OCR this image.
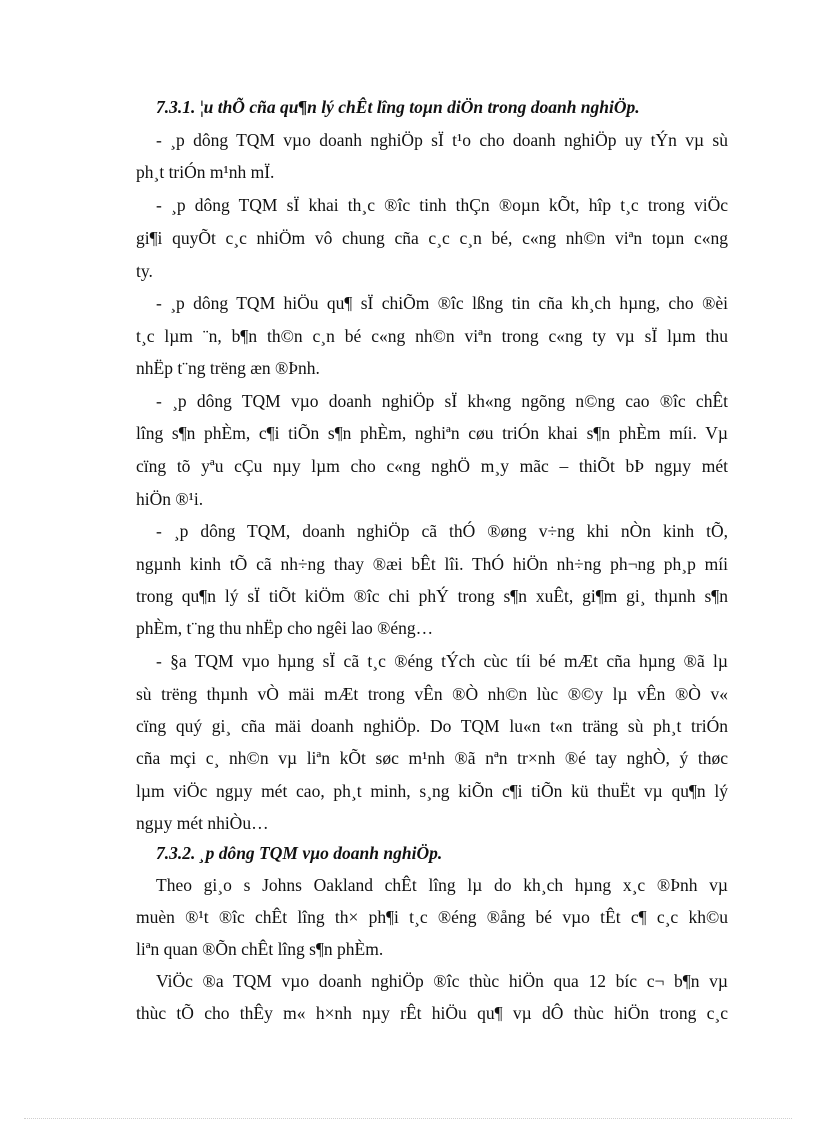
7.3.1. ¦u thÕ cña qu¶n lý chÊt lîng toµn diÖn trong doanh nghiÖp.
- ¸p dông TQM vµo doanh nghiÖp sÏ t¹o cho doanh nghiÖp uy tÝn vµ sù
ph¸t triÓn m¹nh mÏ.
- ¸p dông TQM sÏ khai th¸c ®îc tinh thÇn ®oµn kÕt, hîp t¸c trong viÖc
gi¶i quyÕt c¸c nhiÖm vô chung cña c¸c c¸n bé, c«ng nh©n viªn toµn c«ng
ty.
- ¸p dông TQM hiÖu qu¶ sÏ chiÕm ®îc lßng tin cña kh¸ch hµng, cho ®èi
t¸c lµm ¨n, b¶n th©n c¸n bé c«ng nh©n viªn trong c«ng ty vµ sÏ lµm thu
nhËp t¨ng trëng æn ®Þnh.
- ¸p dông TQM vµo doanh nghiÖp sÏ kh«ng ngõng n©ng cao ®îc chÊt
lîng s¶n phÈm, c¶i tiÕn s¶n phÈm, nghiªn cøu triÓn khai s¶n phÈm míi. Vµ
cïng tõ yªu cÇu nµy lµm cho c«ng nghÖ m¸y mãc – thiÕt bÞ ngµy mét
hiÖn ®¹i.
- ¸p dông TQM, doanh nghiÖp cã thÓ ®øng v÷ng khi nÒn kinh tÕ,
ngµnh kinh tÕ cã nh÷ng thay ®æi bÊt lîi. ThÓ hiÖn nh÷ng ph¬ng ph¸p míi
trong qu¶n lý sÏ tiÕt kiÖm ®îc chi phÝ trong s¶n xuÊt, gi¶m gi¸ thµnh s¶n
phÈm, t¨ng thu nhËp cho ngêi lao ®éng…
- §a TQM vµo hµng sÏ cã t¸c ®éng tÝch cùc tíi bé mÆt cña hµng ®ã lµ
sù trëng thµnh vÒ mäi mÆt trong vÊn ®Ò nh©n lùc ®©y lµ vÊn ®Ò v«
cïng quý gi¸ cña mäi doanh nghiÖp. Do TQM lu«n t«n träng sù ph¸t triÓn
cña mçi c¸ nh©n vµ liªn kÕt søc m¹nh ®ã nªn tr×nh ®é tay nghÒ, ý thøc
lµm viÖc ngµy mét cao, ph¸t minh, s¸ng kiÕn c¶i tiÕn kü thuËt vµ qu¶n lý
ngµy mét nhiÒu…
7.3.2. ¸p dông TQM vµo doanh nghiÖp.
Theo gi¸o s Johns Oakland chÊt lîng lµ do kh¸ch hµng x¸c ®Þnh vµ
muèn ®¹t ®îc chÊt lîng th× ph¶i t¸c ®éng ®ång bé vµo tÊt c¶ c¸c kh©u
liªn quan ®Õn chÊt lîng s¶n phÈm.
ViÖc ®a TQM vµo doanh nghiÖp ®îc thùc hiÖn qua 12 bíc c¬ b¶n vµ
thùc tÕ cho thÊy m« h×nh nµy rÊt hiÖu qu¶ vµ dÔ thùc hiÖn trong c¸c
